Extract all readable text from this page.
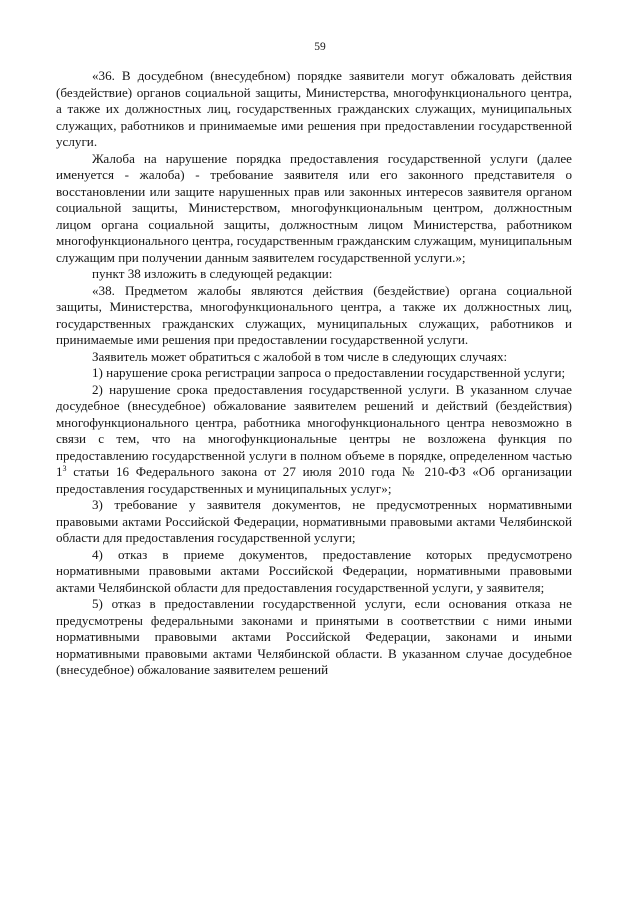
59

«36. В досудебном (внесудебном) порядке заявители могут обжаловать действия (бездействие) органов социальной защиты, Министерства, многофункционального центра, а также их должностных лиц, государственных гражданских служащих, муниципальных служащих, работников и принимаемые ими решения при предоставлении государственной услуги.

Жалоба на нарушение порядка предоставления государственной услуги (далее именуется - жалоба) - требование заявителя или его законного представителя о восстановлении или защите нарушенных прав или законных интересов заявителя органом социальной защиты, Министерством, многофункциональным центром, должностным лицом органа социальной защиты, должностным лицом Министерства, работником многофункционального центра, государственным гражданским служащим, муниципальным служащим при получении данным заявителем государственной услуги.»;

пункт 38 изложить в следующей редакции:

«38. Предметом жалобы являются действия (бездействие) органа социальной защиты, Министерства, многофункционального центра, а также их должностных лиц, государственных гражданских служащих, муниципальных служащих, работников и принимаемые ими решения при предоставлении государственной услуги.

Заявитель может обратиться с жалобой в том числе в следующих случаях:

1) нарушение срока регистрации запроса о предоставлении государственной услуги;

2) нарушение срока предоставления государственной услуги. В указанном случае досудебное (внесудебное) обжалование заявителем решений и действий (бездействия) многофункционального центра, работника многофункционального центра невозможно в связи с тем, что на многофункциональные центры не возложена функция по предоставлению государственной услуги в полном объеме в порядке, определенном частью $1^3$ статьи 16 Федерального закона от 27 июля 2010 года № 210-ФЗ «Об организации предоставления государственных и муниципальных услуг»;

3) требование у заявителя документов, не предусмотренных нормативными правовыми актами Российской Федерации, нормативными правовыми актами Челябинской области для предоставления государственной услуги;

4) отказ в приеме документов, предоставление которых предусмотрено нормативными правовыми актами Российской Федерации, нормативными правовыми актами Челябинской области для предоставления государственной услуги, у заявителя;

5) отказ в предоставлении государственной услуги, если основания отказа не предусмотрены федеральными законами и принятыми в соответствии с ними иными нормативными правовыми актами Российской Федерации, законами и иными нормативными правовыми актами Челябинской области. В указанном случае досудебное (внесудебное) обжалование заявителем решений
